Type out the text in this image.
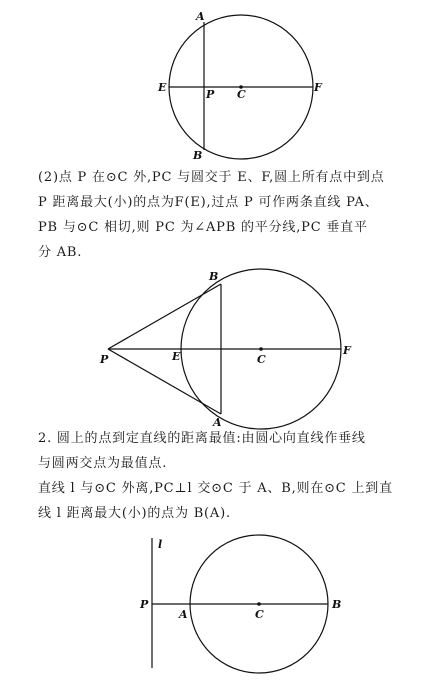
A
E
P C
F
B
(2)点 P 在⊙C 外,PC 与圆交于 E、F,圆上所有点中到点
P 距离最大(小)的点为F(E),过点 P 可作两条直线 PA、
PB 与⊙C 相切,则 PC 为∠APB 的平分线,PC 垂直平
分 AB.
B
P	E	C
F
A
2. 圆上的点到定直线的距离最值:由圆心向直线作垂线
与圆两交点为最值点.
直线 l 与⊙C 外离,PC⊥l 交⊙C 于 A、B,则在⊙C 上到直
线 l 距离最大(小)的点为 B(A).
l
P
A	C
B
